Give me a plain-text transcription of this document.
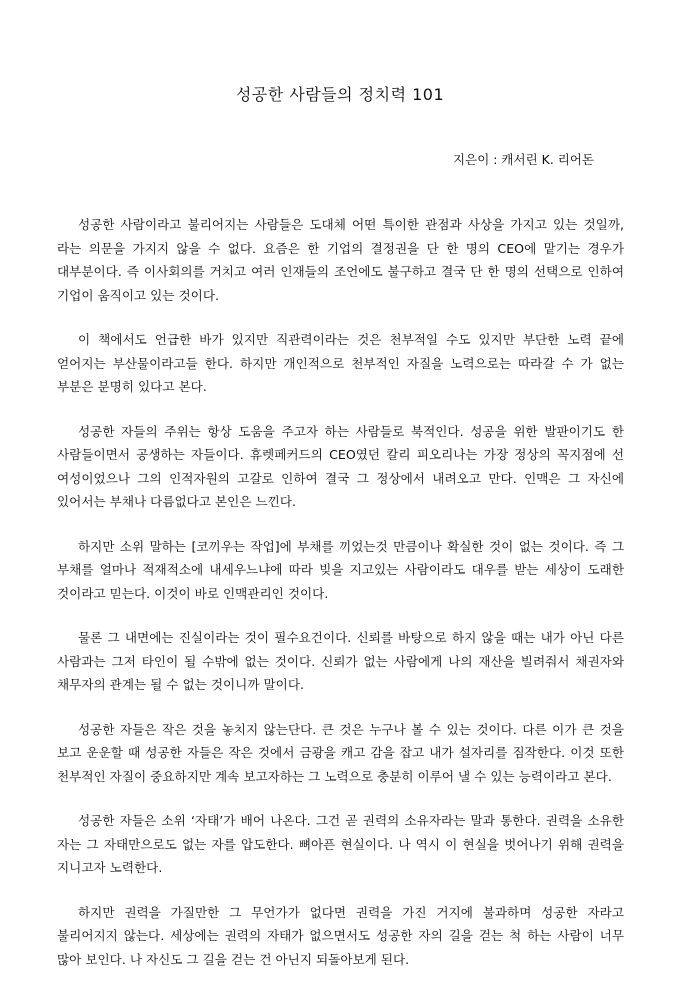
성공한 사람들의 정치력 101
지은이 : 캐서린 K. 리어돈

성공한 사람이라고 불리어지는 사람들은 도대체 어떤 특이한 관점과 사상을 가지고 있는 것일까, 라는 의문을 가지지 않을 수 없다. 요즘은 한 기업의 결정권을 단 한 명의 CEO에 맡기는 경우가 대부분이다. 즉 이사회의를 거치고 여러 인재들의 조언에도 불구하고 결국 단 한 명의 선택으로 인하여 기업이 움직이고 있는 것이다.

이 책에서도 언급한 바가 있지만 직관력이라는 것은 천부적일 수도 있지만 부단한 노력 끝에 얻어지는 부산물이라고들 한다. 하지만 개인적으로 천부적인 자질을 노력으로는 따라갈 수 가 없는 부분은 분명히 있다고 본다.

성공한 자들의 주위는 항상 도움을 주고자 하는 사람들로 북적인다. 성공을 위한 발판이기도 한 사람들이면서 공생하는 자들이다. 휴렛페커드의 CEO였던 칼리 피오리나는 가장 정상의 꼭지점에 선 여성이었으나 그의 인적자원의 고갈로 인하여 결국 그 정상에서 내려오고 만다. 인맥은 그 자신에 있어서는 부채나 다름없다고 본인은 느낀다.

하지만 소위 말하는 [코끼우는 작업]에 부채를 끼었는것 만큼이나 확실한 것이 없는 것이다. 즉 그 부채를 얼마나 적재적소에 내세우느냐에 따라 빚을 지고있는 사람이라도 대우를 받는 세상이 도래한 것이라고 믿는다. 이것이 바로 인맥관리인 것이다.

물론 그 내면에는 진실이라는 것이 필수요건이다. 신뢰를 바탕으로 하지 않을 때는 내가 아닌 다른 사람과는 그저 타인이 될 수밖에 없는 것이다. 신뢰가 없는 사람에게 나의 재산을 빌려줘서 채권자와 채무자의 관계는 될 수 없는 것이니까 말이다.

성공한 자들은 작은 것을 놓치지 않는단다. 큰 것은 누구나 볼 수 있는 것이다. 다른 이가 큰 것을 보고 운운할 때 성공한 자들은 작은 것에서 금광을 캐고 감을 잡고 내가 설자리를 짐작한다. 이것 또한 천부적인 자질이 중요하지만 계속 보고자하는 그 노력으로 충분히 이루어 낼 수 있는 능력이라고 본다.

성공한 자들은 소위 ‘자태’가 배어 나온다. 그건 곧 권력의 소유자라는 말과 통한다. 권력을 소유한 자는 그 자태만으로도 없는 자를 압도한다. 뼈아픈 현실이다. 나 역시 이 현실을 벗어나기 위해 권력을 지니고자 노력한다.

하지만 권력을 가질만한 그 무언가가 없다면 권력을 가진 거지에 불과하며 성공한 자라고 불리어지지 않는다. 세상에는 권력의 자태가 없으면서도 성공한 자의 길을 걷는 척 하는 사람이 너무 많아 보인다. 나 자신도 그 길을 걷는 건 아닌지 되돌아보게 된다.
